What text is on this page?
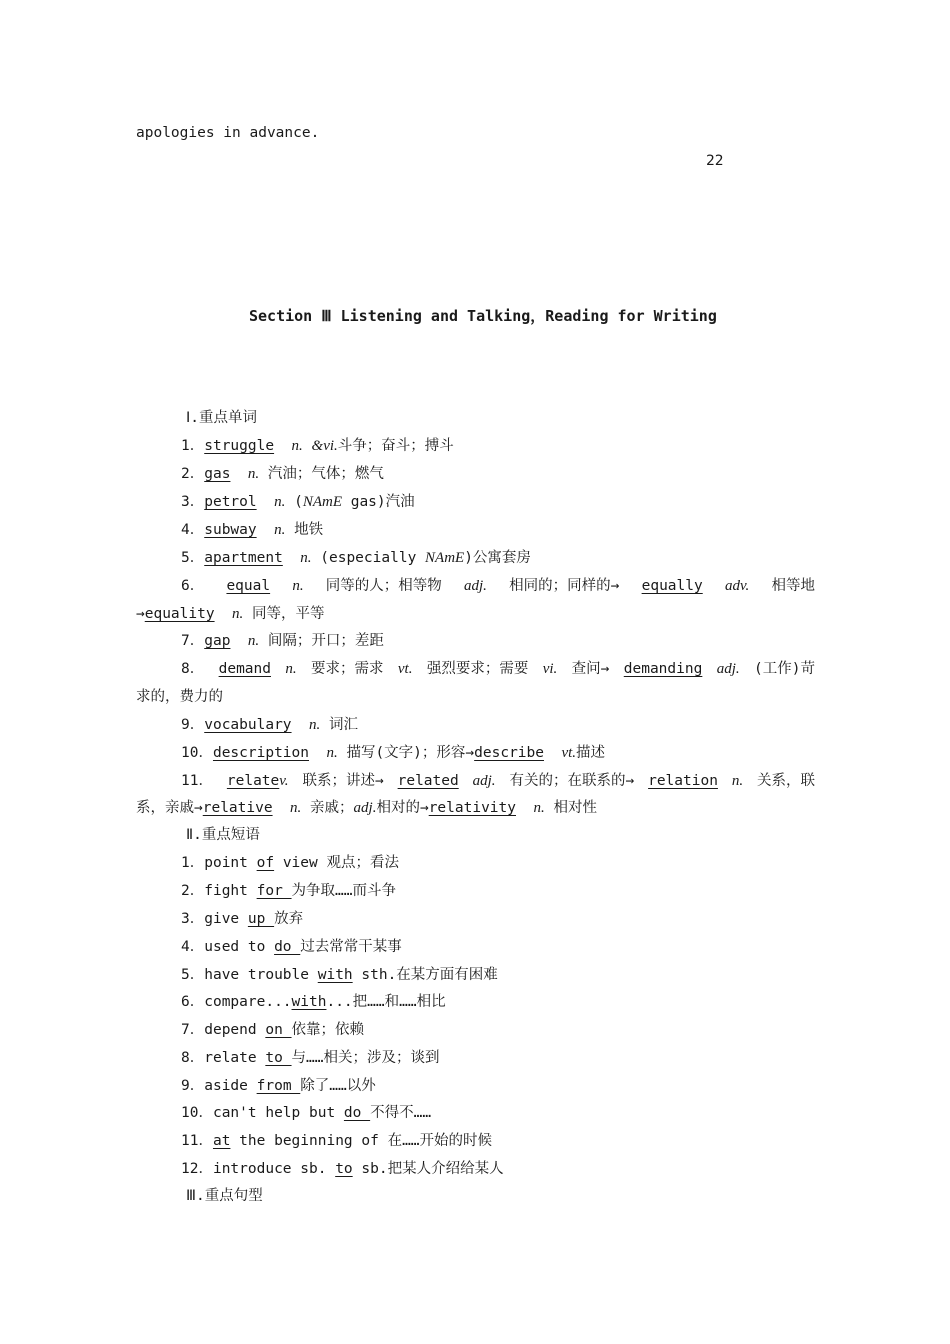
apologies in advance.
22
Section Ⅲ Listening and Talking，Reading for Writing
Ⅰ.重点单词
1．struggle n. &vi.斗争；奋斗；搏斗
2．gas n. 汽油；气体；燃气
3．petrol n. (NAmE gas)汽油
4．subway n. 地铁
5．apartment n. (especially NAmE)公寓套房
6． equal n. 同等的人；相等物 adj. 相同的；同样的→ equally adv. 相等地
→equality n. 同等，平等
7．gap n. 间隔；开口；差距
8． demand n. 要求；需求 vt. 强烈要求；需要 vi. 查问→ demanding adj. (工作)苛
求的，费力的
9．vocabulary n. 词汇
10．description n. 描写(文字)；形容→describe vt.描述
11． relatev. 联系；讲述→ related adj. 有关的；在联系的→ relation n. 关系，联
系，亲戚→relative n. 亲戚；adj.相对的→relativity n. 相对性
Ⅱ.重点短语
1．point of view 观点；看法
2．fight for 为争取……而斗争
3．give up 放弃
4．used to do 过去常常干某事
5．have trouble with sth.在某方面有困难
6．compare...with...把……和……相比
7．depend on 依靠；依赖
8．relate to 与……相关；涉及；谈到
9．aside from 除了……以外
10．can't help but do 不得不……
11．at the beginning of 在……开始的时候
12．introduce sb. to sb.把某人介绍给某人
Ⅲ.重点句型
